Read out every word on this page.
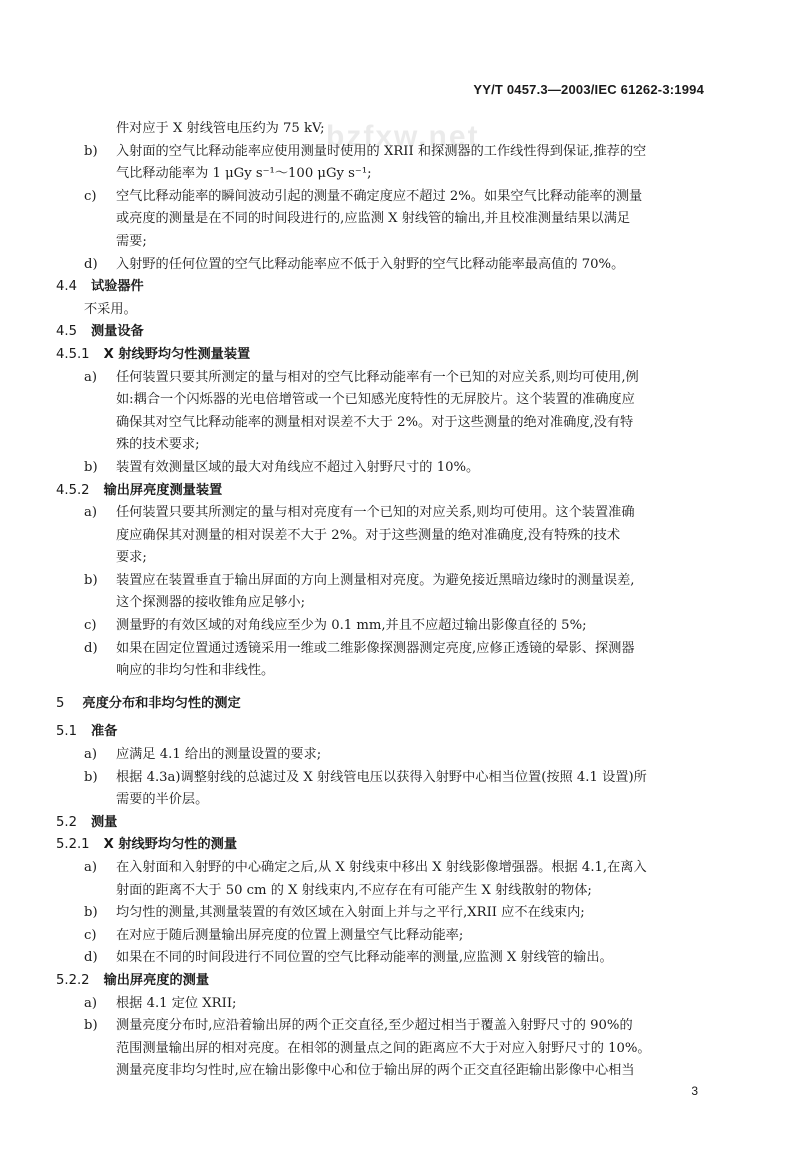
YY/T 0457.3—2003/IEC 61262-3:1994
bzfxw.net
件对应于 X 射线管电压约为 75 kV;
b)	入射面的空气比释动能率应使用测量时使用的 XRII 和探测器的工作线性得到保证,推荐的空
气比释动能率为 1 μGy s⁻¹～100 μGy s⁻¹;
c)	空气比释动能率的瞬间波动引起的测量不确定度应不超过 2%。如果空气比释动能率的测量
或亮度的测量是在不同的时间段进行的,应监测 X 射线管的输出,并且校准测量结果以满足
需要;
d)	入射野的任何位置的空气比释动能率应不低于入射野的空气比释动能率最高值的 70%。
4.4 试验器件
不采用。
4.5 测量设备
4.5.1 X 射线野均匀性测量装置
a)	任何装置只要其所测定的量与相对的空气比释动能率有一个已知的对应关系,则均可使用,例
如:耦合一个闪烁器的光电倍增管或一个已知感光度特性的无屏胶片。这个装置的准确度应
确保其对空气比释动能率的测量相对误差不大于 2%。对于这些测量的绝对准确度,没有特
殊的技术要求;
b)	装置有效测量区域的最大对角线应不超过入射野尺寸的 10%。
4.5.2 输出屏亮度测量装置
a)	任何装置只要其所测定的量与相对亮度有一个已知的对应关系,则均可使用。这个装置准确
度应确保其对测量的相对误差不大于 2%。对于这些测量的绝对准确度,没有特殊的技术
要求;
b)	装置应在装置垂直于输出屏面的方向上测量相对亮度。为避免接近黑暗边缘时的测量误差,
这个探测器的接收锥角应足够小;
c)	测量野的有效区域的对角线应至少为 0.1 mm,并且不应超过输出影像直径的 5%;
d)	如果在固定位置通过透镜采用一维或二维影像探测器测定亮度,应修正透镜的晕影、探测器
响应的非均匀性和非线性。
5 亮度分布和非均匀性的测定
5.1 准备
a)	应满足 4.1 给出的测量设置的要求;
b)	根据 4.3a)调整射线的总滤过及 X 射线管电压以获得入射野中心相当位置(按照 4.1 设置)所
需要的半价层。
5.2 测量
5.2.1 X 射线野均匀性的测量
a)	在入射面和入射野的中心确定之后,从 X 射线束中移出 X 射线影像增强器。根据 4.1,在离入
射面的距离不大于 50 cm 的 X 射线束内,不应存在有可能产生 X 射线散射的物体;
b)	均匀性的测量,其测量装置的有效区域在入射面上并与之平行,XRII 应不在线束内;
c)	在对应于随后测量输出屏亮度的位置上测量空气比释动能率;
d)	如果在不同的时间段进行不同位置的空气比释动能率的测量,应监测 X 射线管的输出。
5.2.2 输出屏亮度的测量
a)	根据 4.1 定位 XRII;
b)	测量亮度分布时,应沿着输出屏的两个正交直径,至少超过相当于覆盖入射野尺寸的 90%的
范围测量输出屏的相对亮度。在相邻的测量点之间的距离应不大于对应入射野尺寸的 10%。
测量亮度非均匀性时,应在输出影像中心和位于输出屏的两个正交直径距输出影像中心相当
3
